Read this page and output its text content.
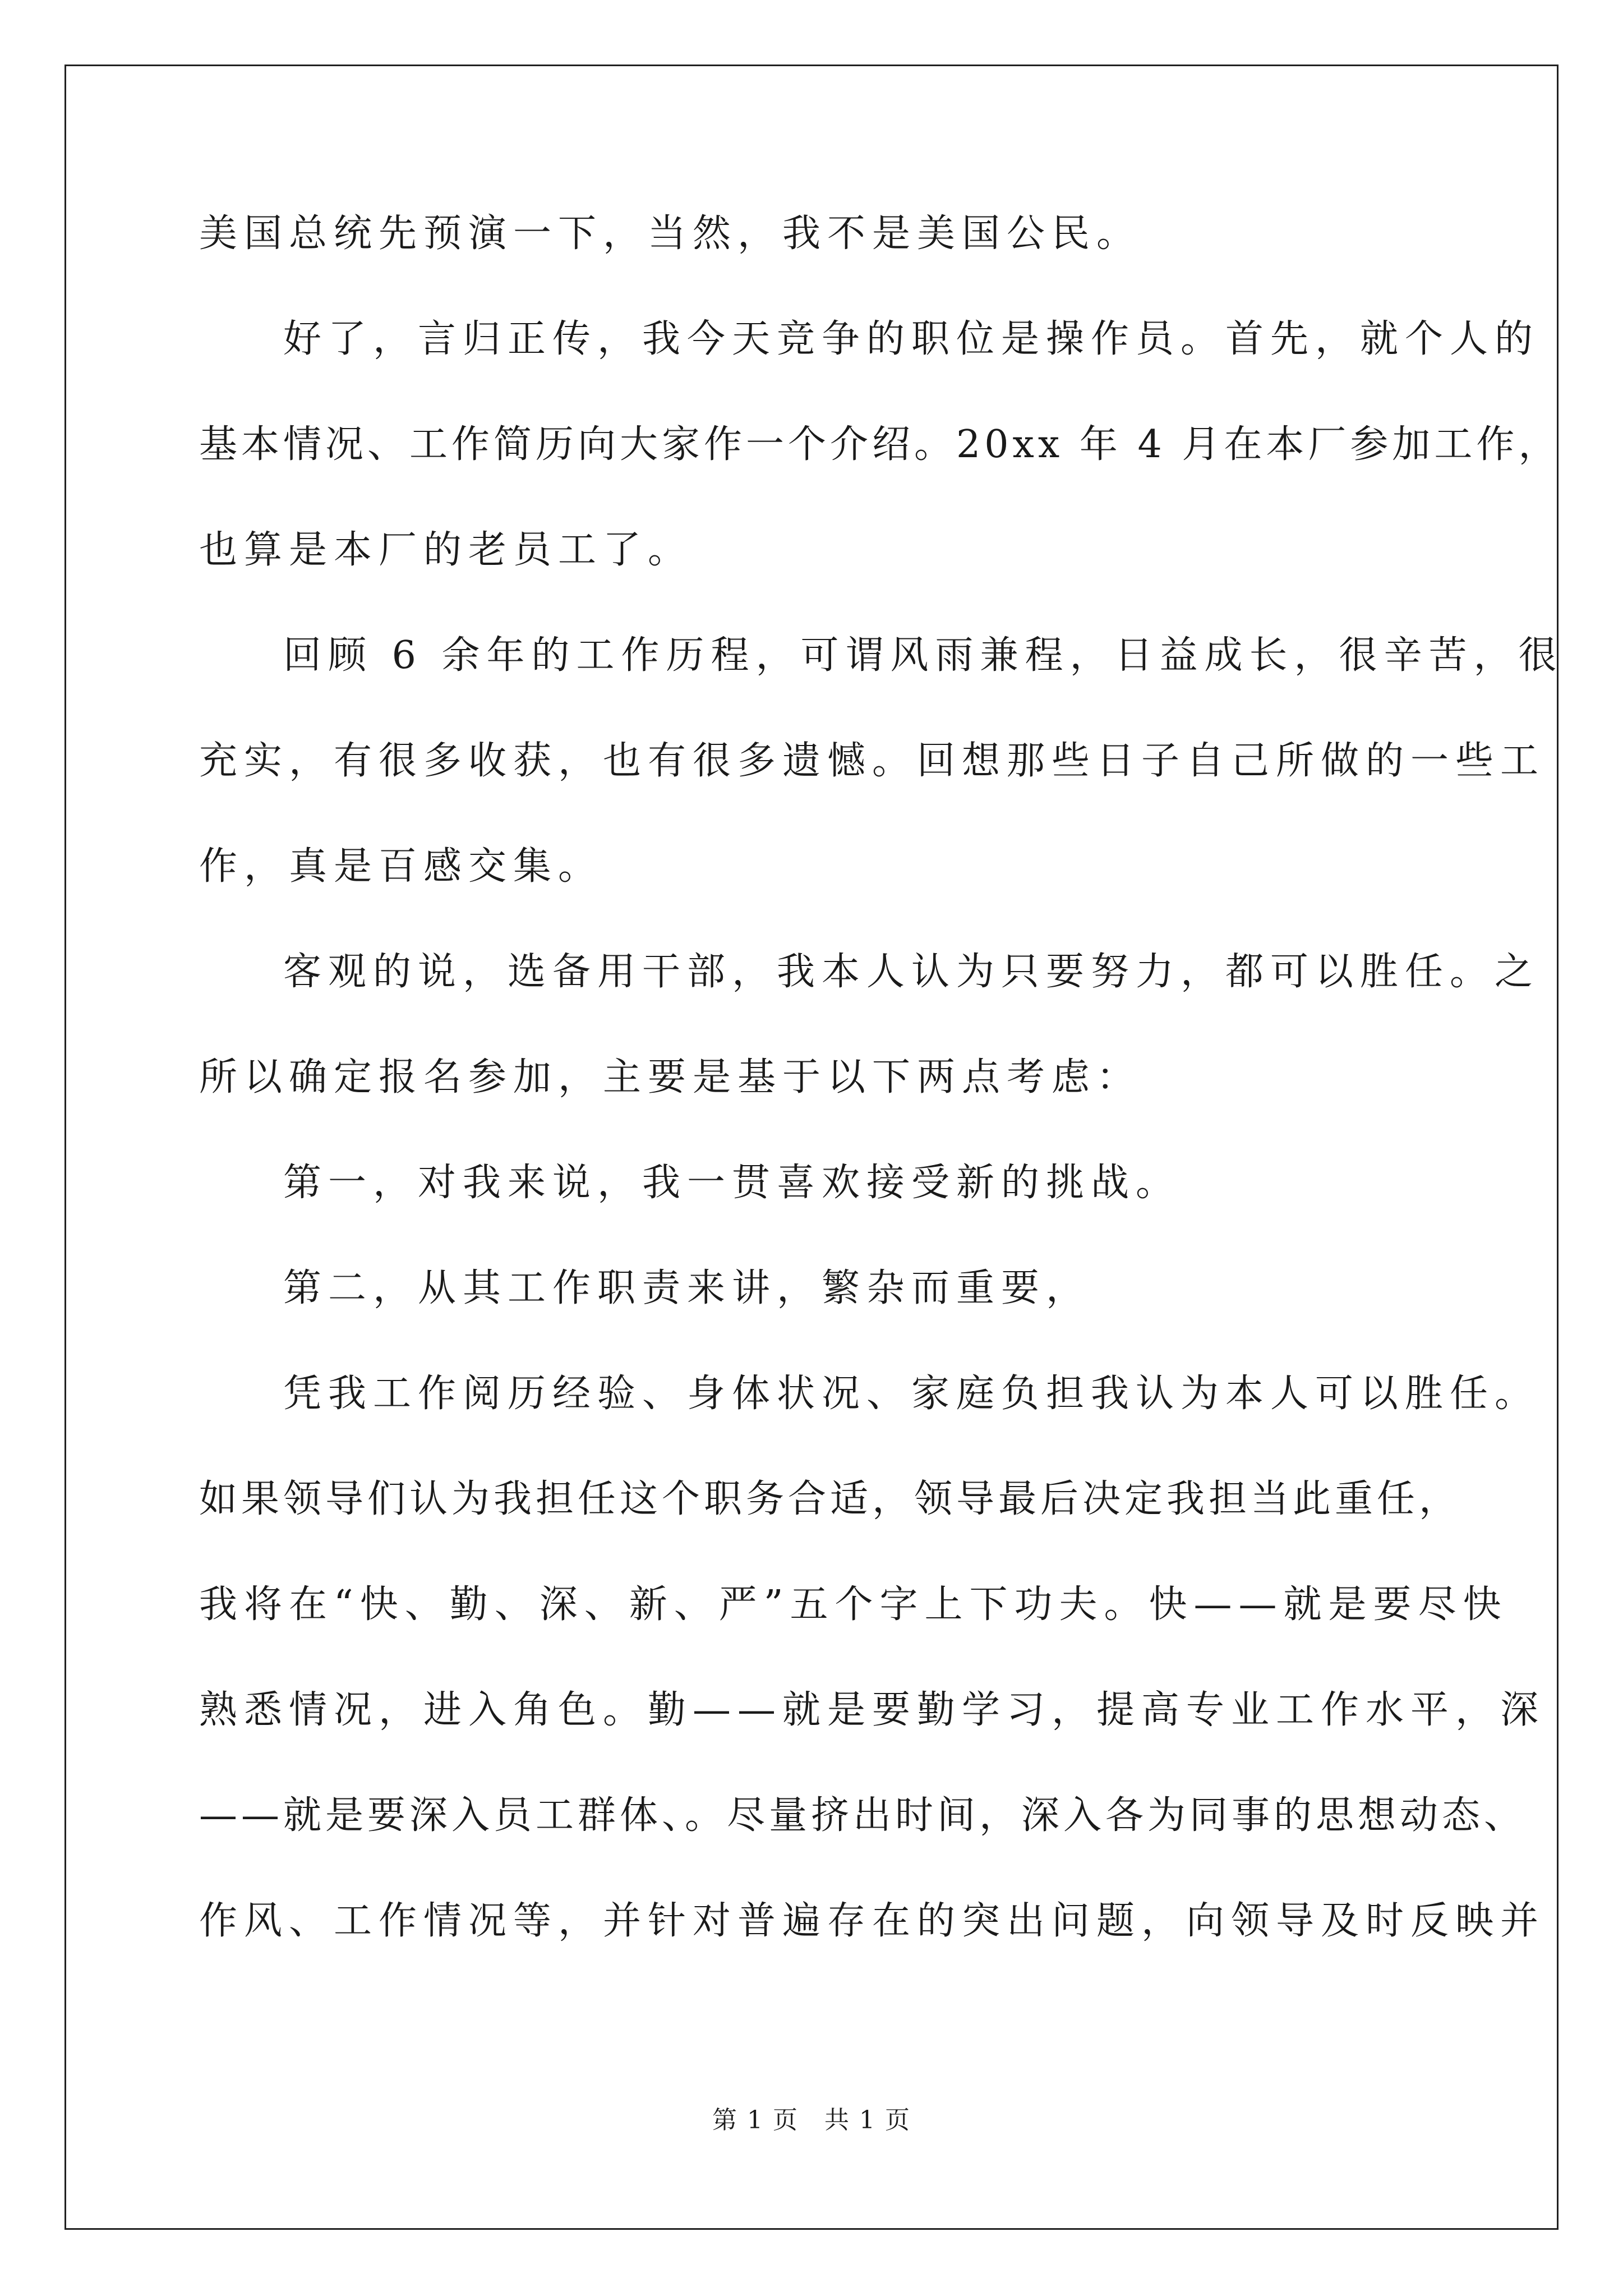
美国总统先预演一下，当然，我不是美国公民。

好了，言归正传，我今天竞争的职位是操作员。首先，就个人的

基本情况、工作简历向大家作一个介绍。20xx 年 4 月在本厂参加工作，

也算是本厂的老员工了。

回顾 6 余年的工作历程，可谓风雨兼程，日益成长，很辛苦，很

充实，有很多收获，也有很多遗憾。回想那些日子自己所做的一些工

作，真是百感交集。

客观的说，选备用干部，我本人认为只要努力，都可以胜任。之

所以确定报名参加，主要是基于以下两点考虑：

第一，对我来说，我一贯喜欢接受新的挑战。

第二，从其工作职责来讲，繁杂而重要，

凭我工作阅历经验、身体状况、家庭负担我认为本人可以胜任。

如果领导们认为我担任这个职务合适，领导最后决定我担当此重任，

我将在“快、勤、深、新、严”五个字上下功夫。快——就是要尽快

熟悉情况，进入角色。勤——就是要勤学习，提高专业工作水平，深

——就是要深入员工群体、。尽量挤出时间，深入各为同事的思想动态、

作风、工作情况等，并针对普遍存在的突出问题，向领导及时反映并

第 1 页　共 1 页
